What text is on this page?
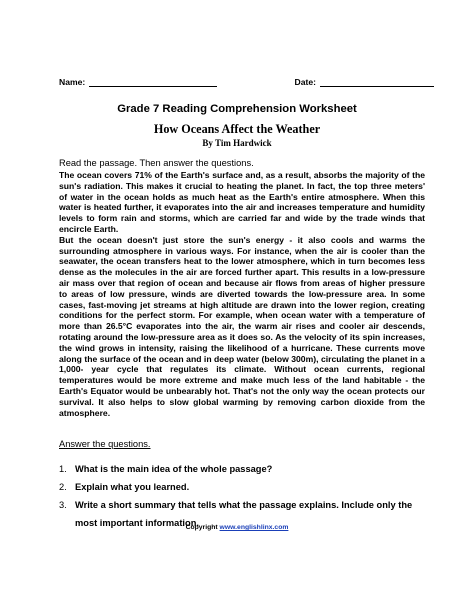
Name:	Date:
Grade 7 Reading Comprehension Worksheet
How Oceans Affect the Weather
By Tim Hardwick
Read the passage. Then answer the questions.

The ocean covers 71% of the Earth's surface and, as a result, absorbs the majority of the sun's radiation. This makes it crucial to heating the planet. In fact, the top three meters' of water in the ocean holds as much heat as the Earth's entire atmosphere. When this water is heated further, it evaporates into the air and increases temperature and humidity levels to form rain and storms, which are carried far and wide by the trade winds that encircle Earth.

But the ocean doesn't just store the sun's energy - it also cools and warms the surrounding atmosphere in various ways. For instance, when the air is cooler than the seawater, the ocean transfers heat to the lower atmosphere, which in turn becomes less dense as the molecules in the air are forced further apart. This results in a low-pressure air mass over that region of ocean and because air flows from areas of higher pressure to areas of low pressure, winds are diverted towards the low-pressure area. In some cases, fast-moving jet streams at high altitude are drawn into the lower region, creating conditions for the perfect storm. For example, when ocean water with a temperature of more than 26.5°C evaporates into the air, the warm air rises and cooler air descends, rotating around the low-pressure area as it does so. As the velocity of its spin increases, the wind grows in intensity, raising the likelihood of a hurricane. These currents move along the surface of the ocean and in deep water (below 300m), circulating the planet in a 1,000- year cycle that regulates its climate. Without ocean currents, regional temperatures would be more extreme and make much less of the land habitable - the Earth's Equator would be unbearably hot. That's not the only way the ocean protects our survival. It also helps to slow global warming by removing carbon dioxide from the atmosphere.

Answer the questions.
1. What is the main idea of the whole passage?
2. Explain what you learned.
3. Write a short summary that tells what the passage explains. Include only the most important information.
Copyright www.englishlinx.com
